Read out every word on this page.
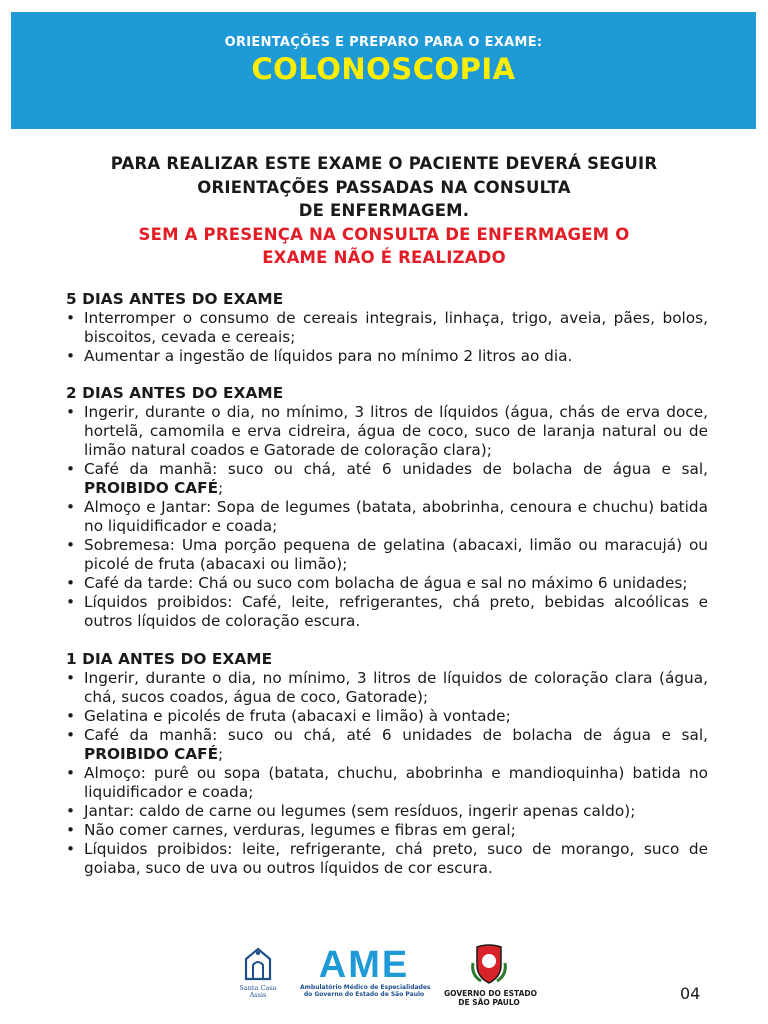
ORIENTAÇÕES E PREPARO PARA O EXAME:
COLONOSCOPIA
PARA REALIZAR ESTE EXAME O PACIENTE DEVERÁ SEGUIR
ORIENTAÇÕES PASSADAS NA CONSULTA
DE ENFERMAGEM.
SEM A PRESENÇA NA CONSULTA DE ENFERMAGEM O
EXAME NÃO É REALIZADO
5 DIAS ANTES DO EXAME
• Interromper o consumo de cereais integrais, linhaça, trigo, aveia, pães, bolos, biscoitos, cevada e cereais;
• Aumentar a ingestão de líquidos para no mínimo 2 litros ao dia.
2 DIAS ANTES DO EXAME
• Ingerir, durante o dia, no mínimo, 3 litros de líquidos (água, chás de erva doce, hortelã, camomila e erva cidreira, água de coco, suco de laranja natural ou de limão natural coados e Gatorade de coloração clara);
• Café da manhã: suco ou chá, até 6 unidades de bolacha de água e sal, PROIBIDO CAFÉ;
• Almoço e Jantar: Sopa de legumes (batata, abobrinha, cenoura e chuchu) batida no liquidificador e coada;
• Sobremesa: Uma porção pequena de gelatina (abacaxi, limão ou maracujá) ou picolé de fruta (abacaxi ou limão);
• Café da tarde: Chá ou suco com bolacha de água e sal no máximo 6 unidades;
• Líquidos proibidos: Café, leite, refrigerantes, chá preto, bebidas alcoólicas e outros líquidos de coloração escura.
1 DIA ANTES DO EXAME
• Ingerir, durante o dia, no mínimo, 3 litros de líquidos de coloração clara (água, chá, sucos coados, água de coco, Gatorade);
• Gelatina e picolés de fruta (abacaxi e limão) à vontade;
• Café da manhã: suco ou chá, até 6 unidades de bolacha de água e sal, PROIBIDO CAFÉ;
• Almoço: purê ou sopa (batata, chuchu, abobrinha e mandioquinha) batida no liquidificador e coada;
• Jantar: caldo de carne ou legumes (sem resíduos, ingerir apenas caldo);
• Não comer carnes, verduras, legumes e fibras em geral;
• Líquidos proibidos: leite, refrigerante, chá preto, suco de morango, suco de goiaba, suco de uva ou outros líquidos de cor escura.
Santa Casa
Assis
AME
Ambulatório Médico de Especialidades
do Governo do Estado de São Paulo	GOVERNO DO ESTADO
DE SÃO PAULO	04
